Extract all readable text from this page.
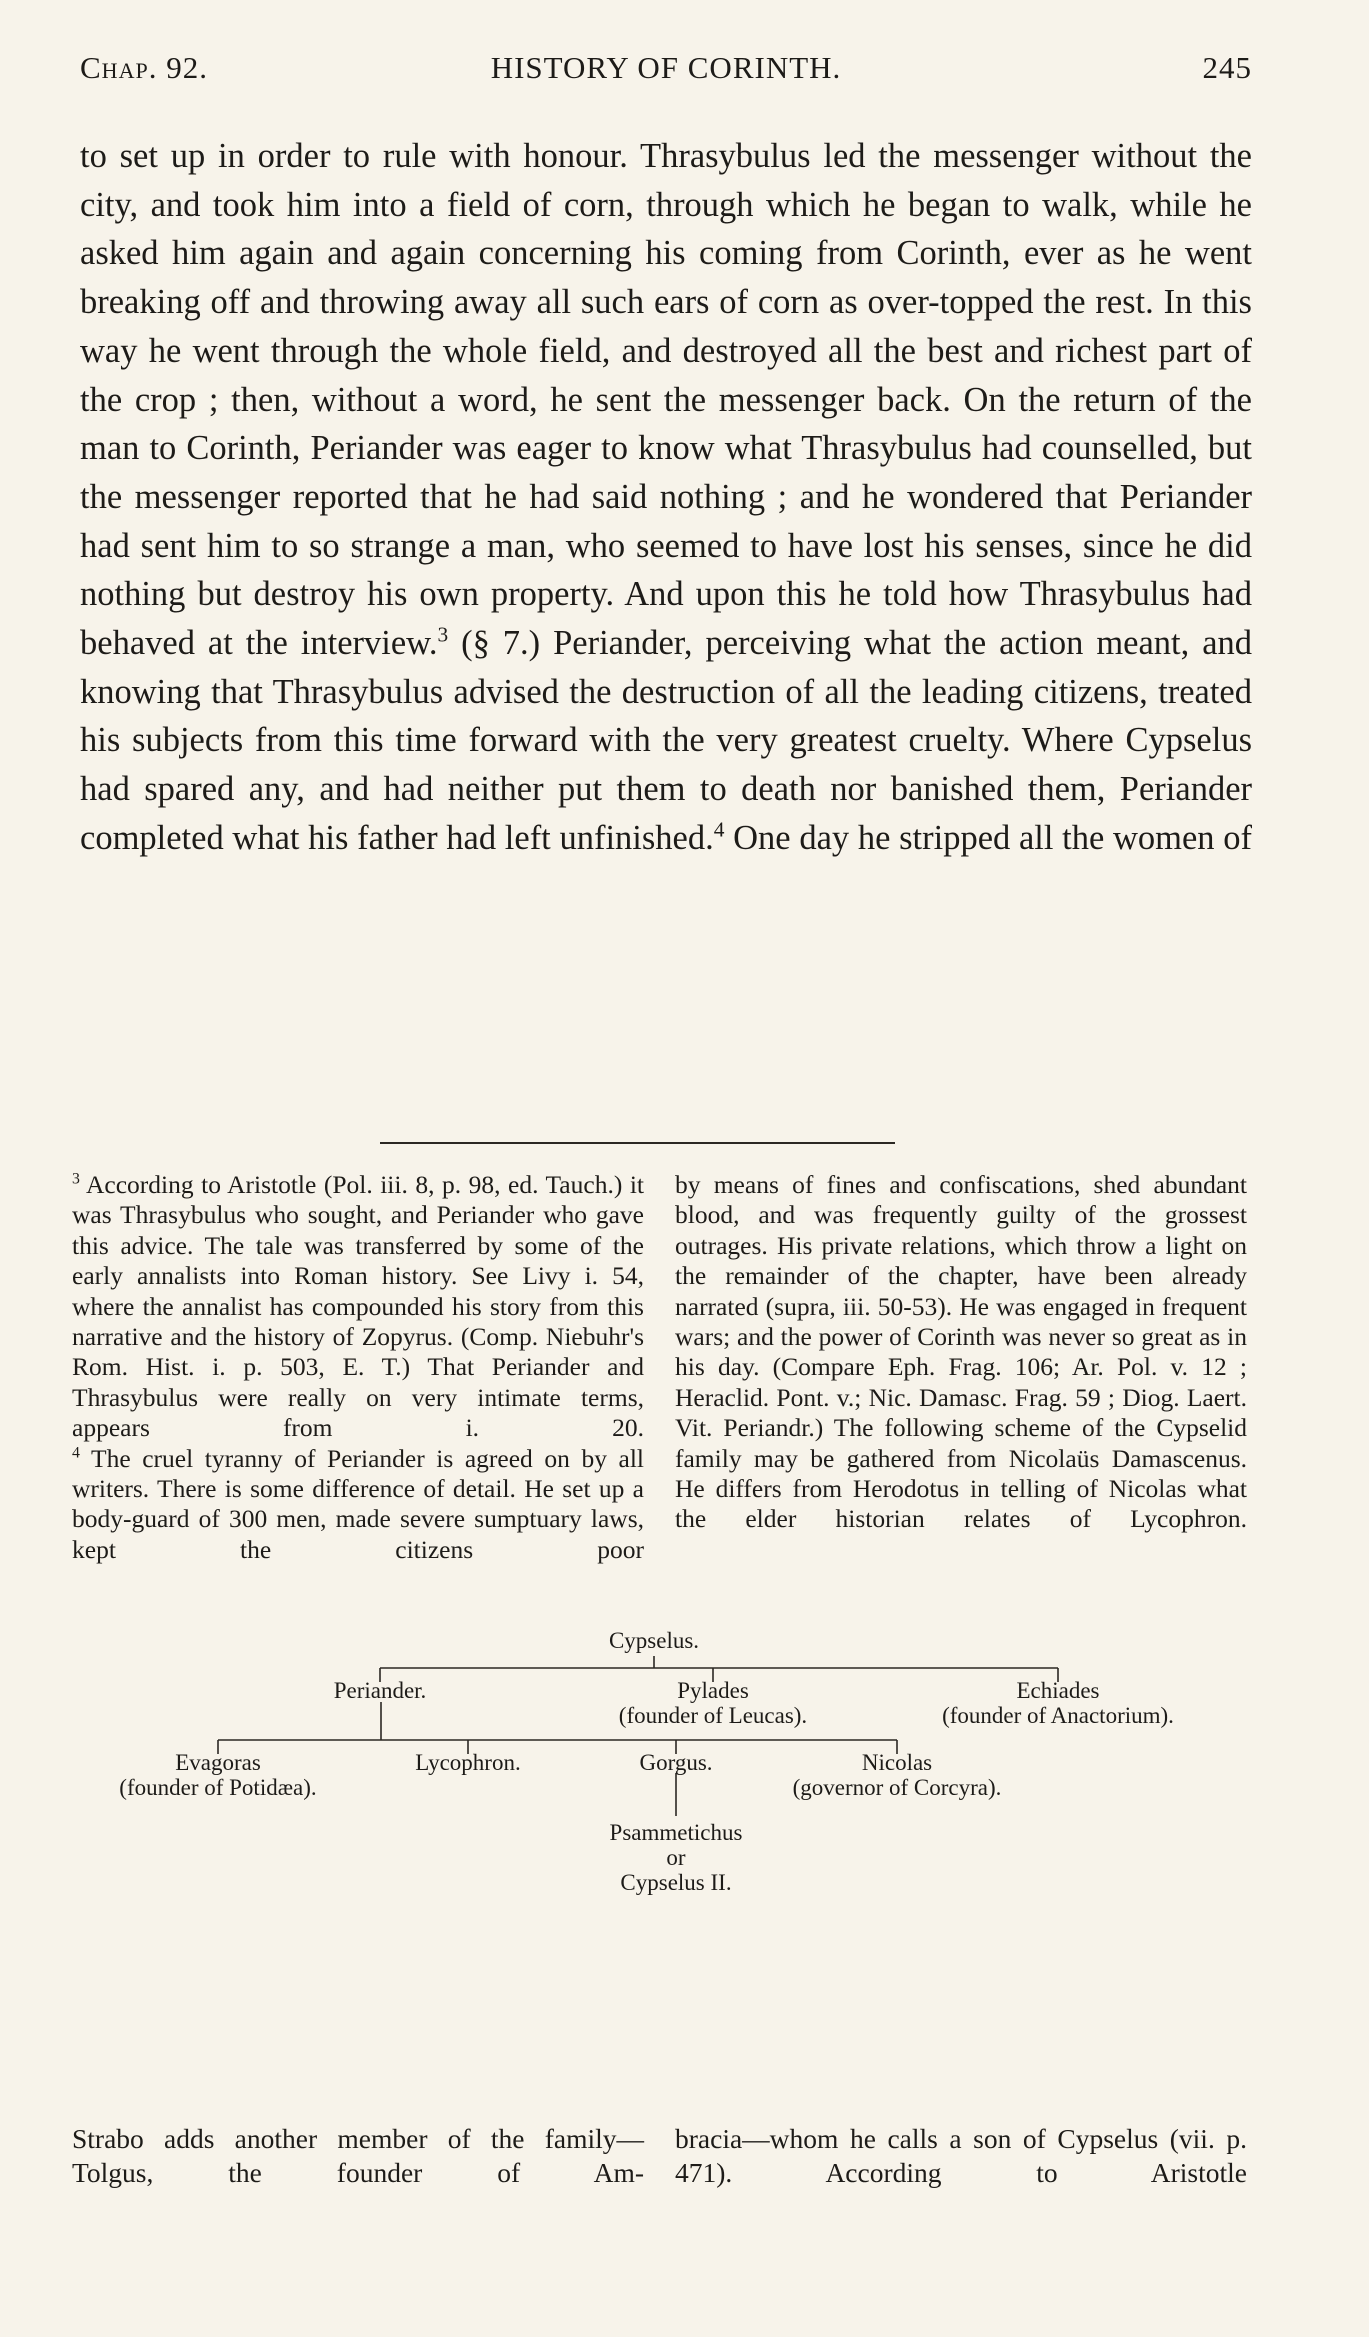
Chap. 92.	HISTORY OF CORINTH.	245

to set up in order to rule with honour. Thrasybulus led the messenger without the city, and took him into a field of corn, through which he began to walk, while he asked him again and again concerning his coming from Corinth, ever as he went breaking off and throwing away all such ears of corn as over-topped the rest. In this way he went through the whole field, and destroyed all the best and richest part of the crop ; then, without a word, he sent the messenger back. On the return of the man to Corinth, Periander was eager to know what Thrasybulus had counselled, but the messenger reported that he had said nothing ; and he wondered that Periander had sent him to so strange a man, who seemed to have lost his senses, since he did nothing but destroy his own property. And upon this he told how Thrasybulus had behaved at the interview.$^3$ (§ 7.) Periander, perceiving what the action meant, and knowing that Thrasybulus advised the destruction of all the leading citizens, treated his subjects from this time forward with the very greatest cruelty. Where Cypselus had spared any, and had neither put them to death nor banished them, Periander completed what his father had left unfinished.$^4$ One day he stripped all the women of

$^3$ According to Aristotle (Pol. iii. 8, p. 98, ed. Tauch.) it was Thrasybulus who sought, and Periander who gave this advice. The tale was transferred by some of the early annalists into Roman history. See Livy i. 54, where the annalist has compounded his story from this narrative and the history of Zopyrus. (Comp. Niebuhr's Rom. Hist. i. p. 503, E. T.) That Periander and Thrasybulus were really on very intimate terms, appears from i. 20.
$^4$ The cruel tyranny of Periander is agreed on by all writers. There is some difference of detail. He set up a body-guard of 300 men, made severe sumptuary laws, kept the citizens poor

by means of fines and confiscations, shed abundant blood, and was frequently guilty of the grossest outrages. His private relations, which throw a light on the remainder of the chapter, have been already narrated (supra, iii. 50-53). He was engaged in frequent wars; and the power of Corinth was never so great as in his day. (Compare Eph. Frag. 106; Ar. Pol. v. 12 ; Heraclid. Pont. v.; Nic. Damasc. Frag. 59 ; Diog. Laert. Vit. Periandr.) The following scheme of the Cypselid family may be gathered from Nicolaüs Damascenus. He differs from Herodotus in telling of Nicolas what the elder historian relates of Lycophron.

Cypselus.
Periander.	Pylades
(founder of Leucas).
Echiades
(founder of Anactorium).
Evagoras
(founder of Potidæa).
Lycophron.	Gorgus.	Nicolas
(governor of Corcyra).
Psammetichus
or
Cypselus II.

Strabo adds another member of the family—Tolgus, the founder of Am-

bracia—whom he calls a son of Cypselus (vii. p. 471). According to Aristotle
